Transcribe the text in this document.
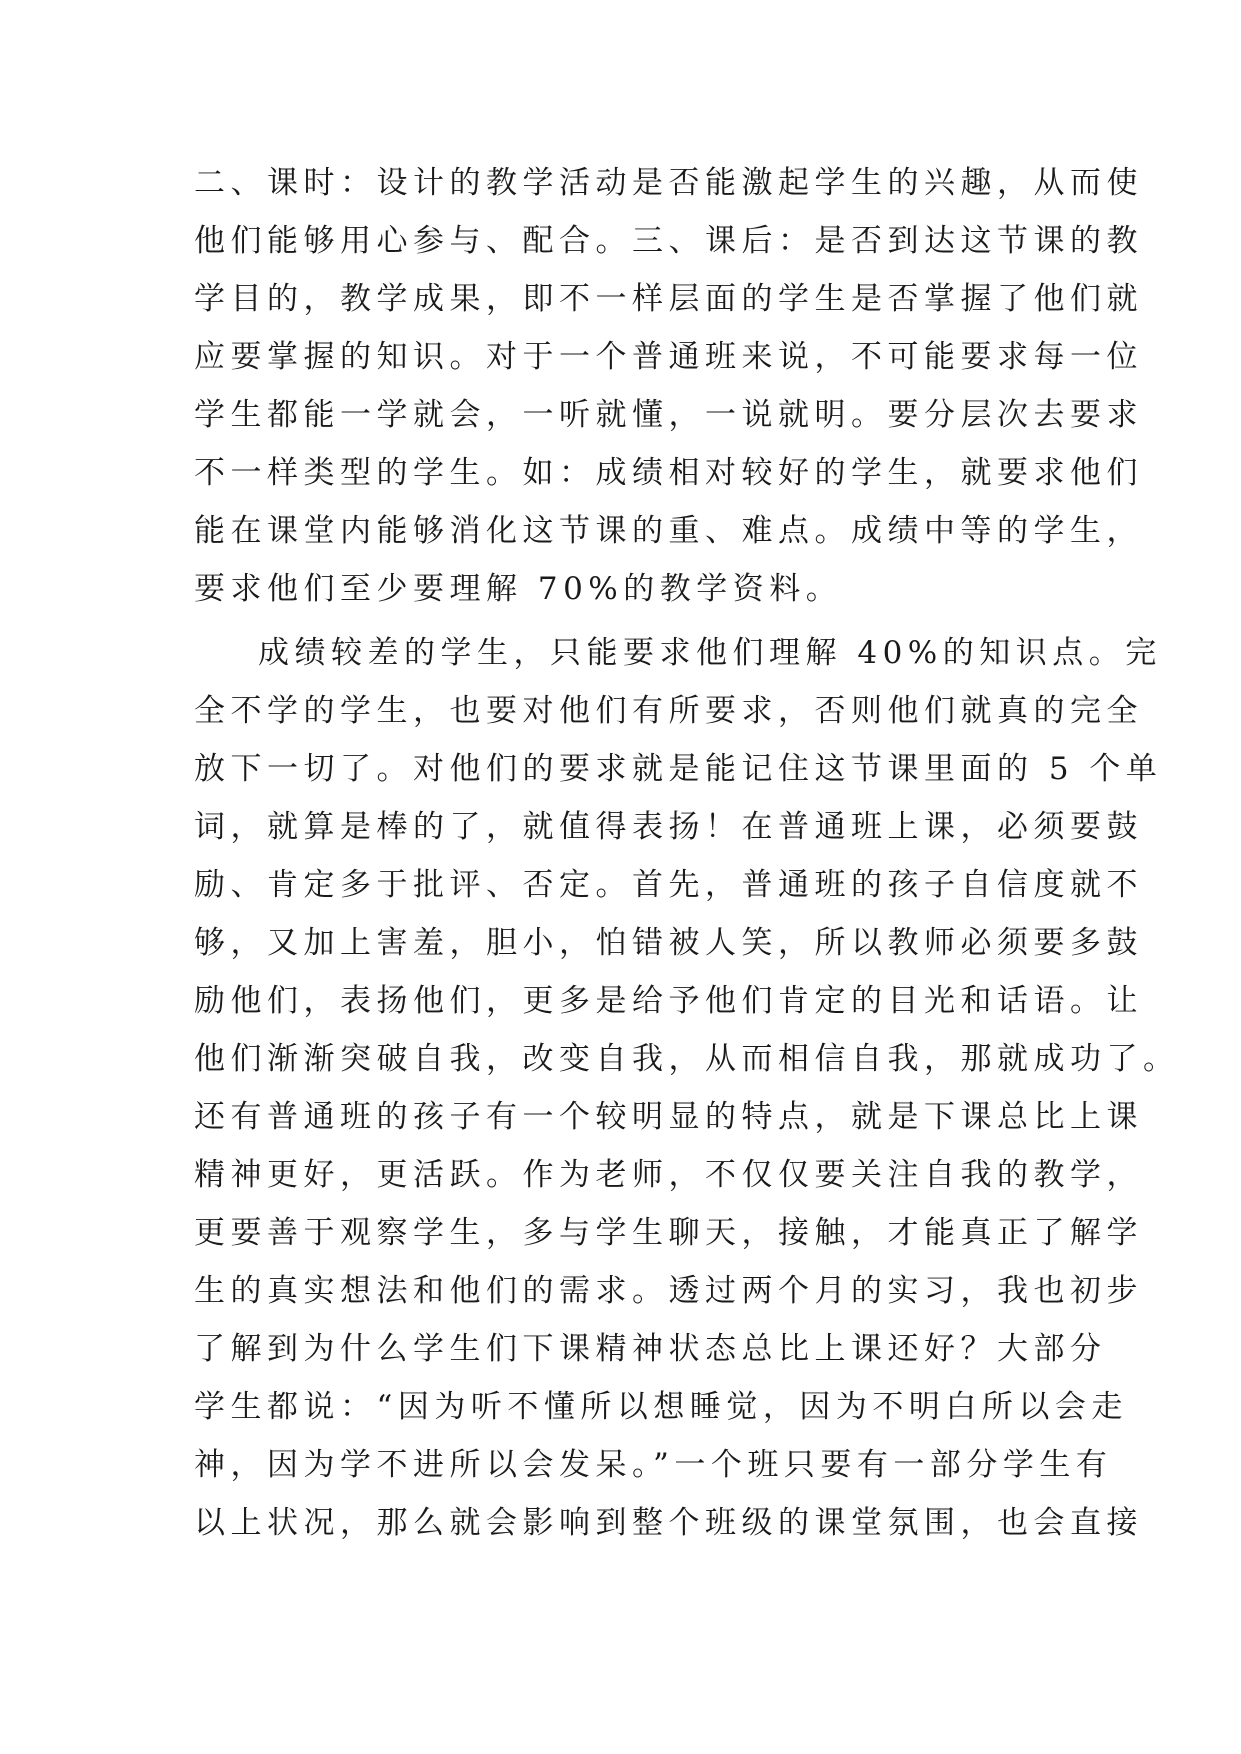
二、课时：设计的教学活动是否能激起学生的兴趣，从而使
他们能够用心参与、配合。三、课后：是否到达这节课的教
学目的，教学成果，即不一样层面的学生是否掌握了他们就
应要掌握的知识。对于一个普通班来说，不可能要求每一位
学生都能一学就会，一听就懂，一说就明。要分层次去要求
不一样类型的学生。如：成绩相对较好的学生，就要求他们
能在课堂内能够消化这节课的重、难点。成绩中等的学生，
要求他们至少要理解 70%的教学资料。
成绩较差的学生，只能要求他们理解 40%的知识点。完
全不学的学生，也要对他们有所要求，否则他们就真的完全
放下一切了。对他们的要求就是能记住这节课里面的 5 个单
词，就算是棒的了，就值得表扬！在普通班上课，必须要鼓
励、肯定多于批评、否定。首先，普通班的孩子自信度就不
够，又加上害羞，胆小，怕错被人笑，所以教师必须要多鼓
励他们，表扬他们，更多是给予他们肯定的目光和话语。让
他们渐渐突破自我，改变自我，从而相信自我，那就成功了。
还有普通班的孩子有一个较明显的特点，就是下课总比上课
精神更好，更活跃。作为老师，不仅仅要关注自我的教学，
更要善于观察学生，多与学生聊天，接触，才能真正了解学
生的真实想法和他们的需求。透过两个月的实习，我也初步
了解到为什么学生们下课精神状态总比上课还好？大部分
学生都说：“因为听不懂所以想睡觉，因为不明白所以会走
神，因为学不进所以会发呆。”一个班只要有一部分学生有
以上状况，那么就会影响到整个班级的课堂氛围，也会直接
